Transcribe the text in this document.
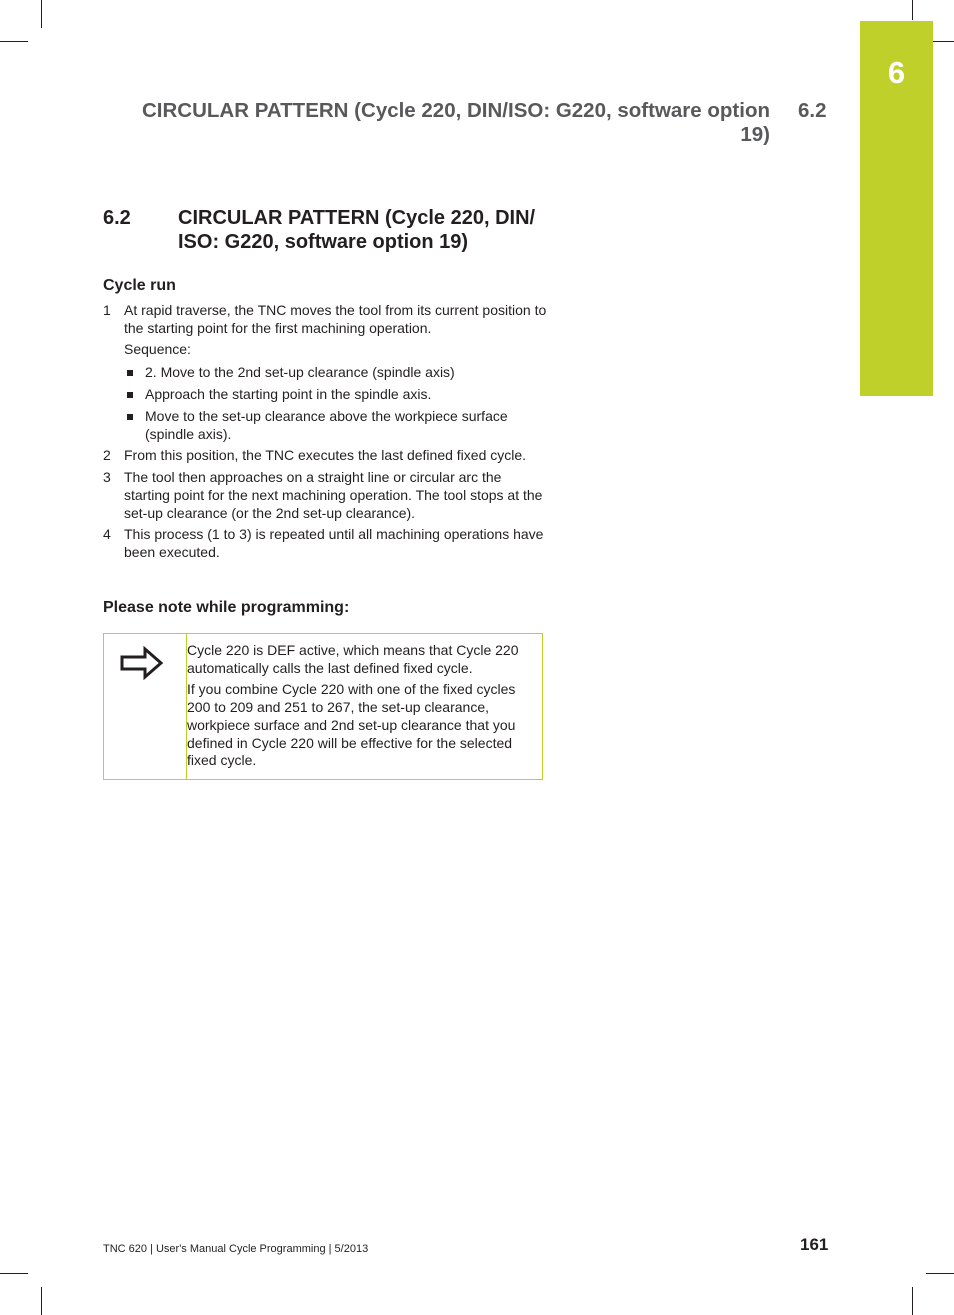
6
CIRCULAR PATTERN (Cycle 220, DIN/ISO: G220, software option 19)
6.2
6.2 CIRCULAR PATTERN (Cycle 220, DIN/ ISO: G220, software option 19)
Cycle run
1 At rapid traverse, the TNC moves the tool from its current position to the starting point for the first machining operation.
Sequence:
2. Move to the 2nd set-up clearance (spindle axis)
Approach the starting point in the spindle axis.
Move to the set-up clearance above the workpiece surface (spindle axis).
2 From this position, the TNC executes the last defined fixed cycle.
3 The tool then approaches on a straight line or circular arc the starting point for the next machining operation. The tool stops at the set-up clearance (or the 2nd set-up clearance).
4 This process (1 to 3) is repeated until all machining operations have been executed.
Please note while programming:

Cycle 220 is DEF active, which means that Cycle 220 automatically calls the last defined fixed cycle.

If you combine Cycle 220 with one of the fixed cycles 200 to 209 and 251 to 267, the set-up clearance, workpiece surface and 2nd set-up clearance that you defined in Cycle 220 will be effective for the selected fixed cycle.

TNC 620 | User's Manual Cycle Programming | 5/2013	161
